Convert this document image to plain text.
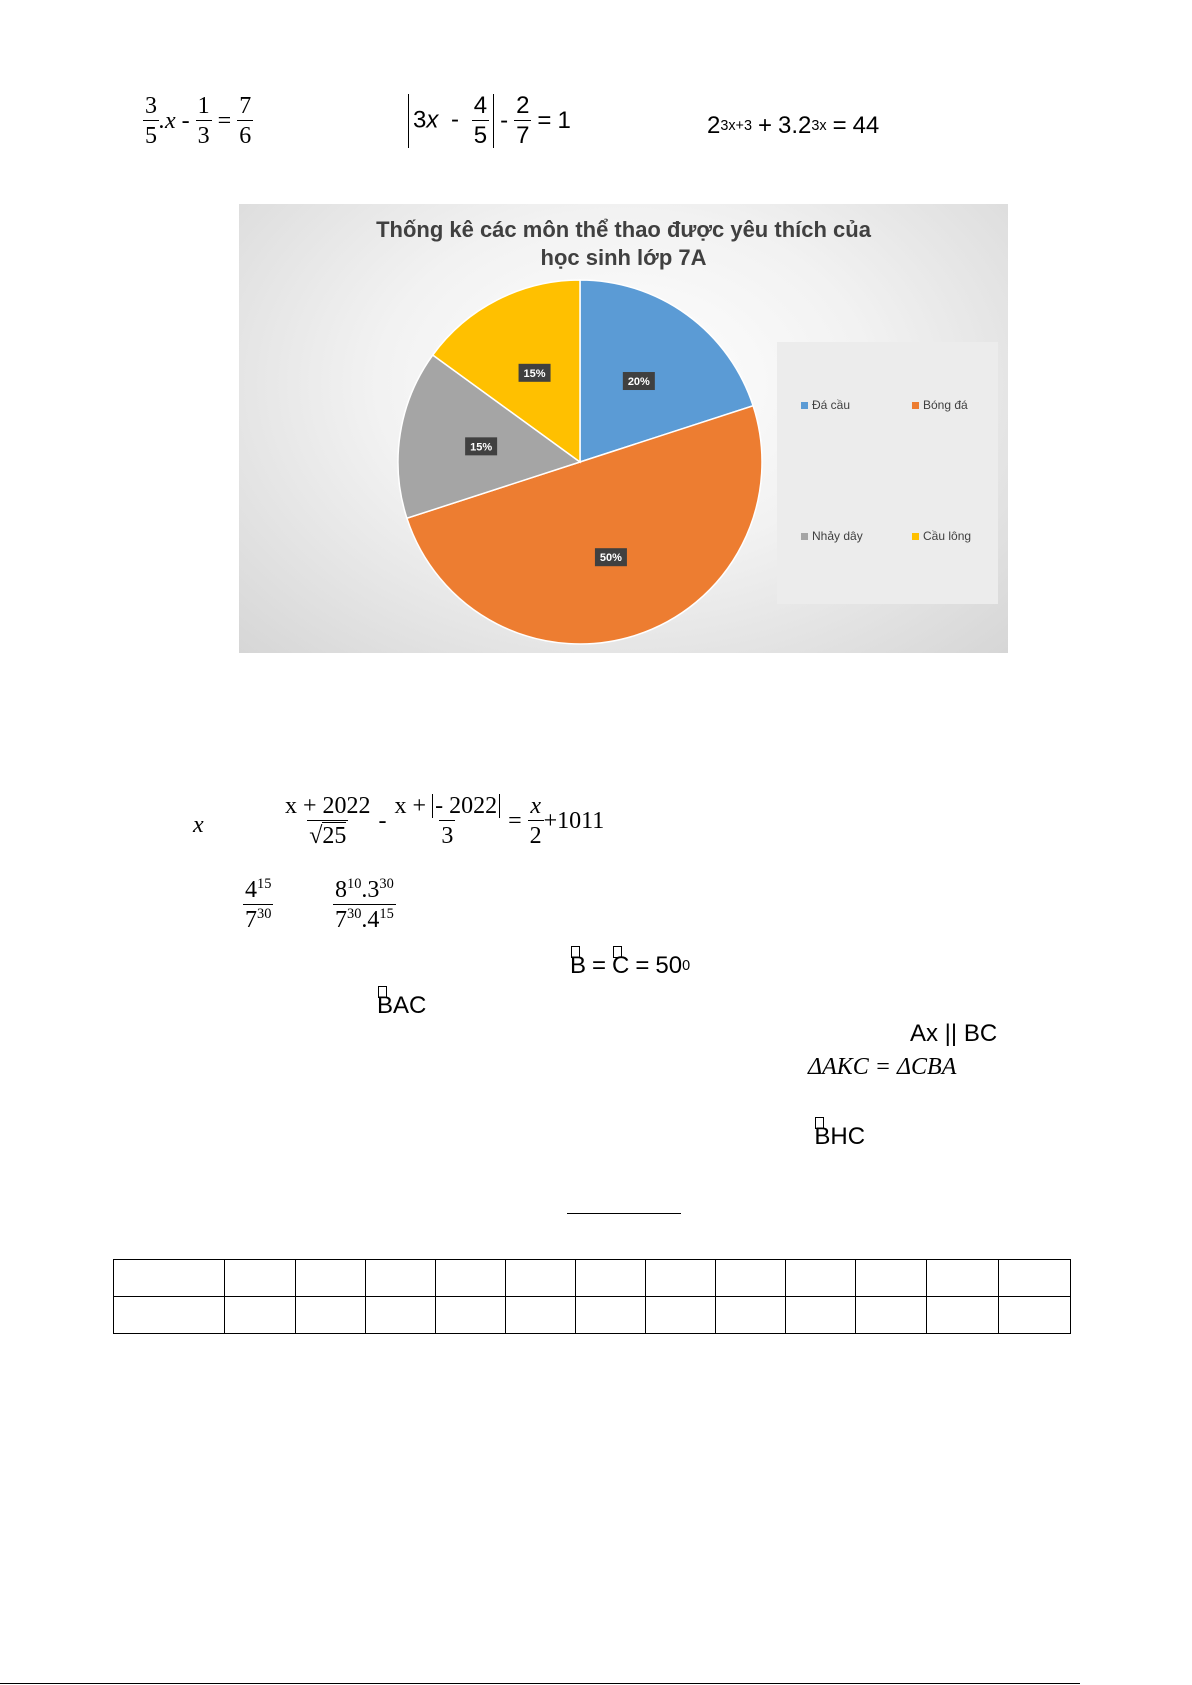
$\frac{3}{5} .x - \frac{1}{3} = \frac{7}{6}$	$3x - \frac{4}{5} - \frac{2}{7} = 1$	2 3x+3 + 3.2 3x = 44
Thống kê các môn thể thao được yêu thích của
học sinh lớp 7A
20%
50%
15%
15%
Đá cầu	Bóng đá
Nhảy dây	Cầu lông
x	$\frac{x + 2022}{√25}$ - x +
- 2022
$3 = \frac{x}{2} +1011$
$\frac{4^{15}}{7^{30}} \frac{8^{10}.3^{30}}{7^{30}.4^{15}}$
B = C = 50 0
BAC
Ax || BC
ΔAKC = ΔCBA
BHC
